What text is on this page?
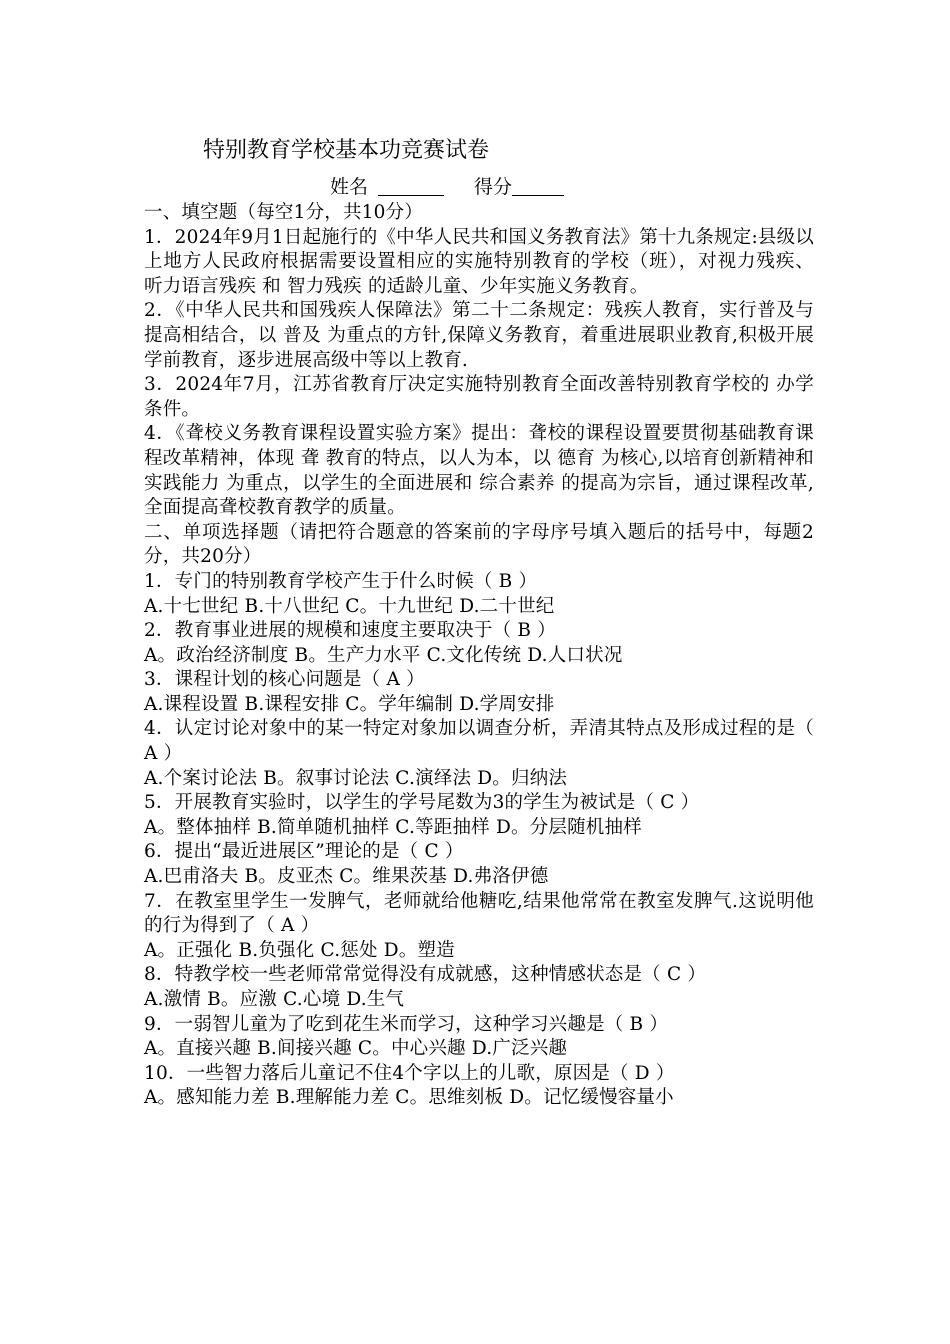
特别教育学校基本功竞赛试卷
姓名	得分

一、填空题（每空1分，共10分）

1．2024年9月1日起施行的《中华人民共和国义务教育法》第十九条规定:县级以上地方人民政府根据需要设置相应的实施特别教育的学校（班），对视力残疾、 听力语言残疾 和 智力残疾 的适龄儿童、少年实施义务教育。

2．《中华人民共和国残疾人保障法》第二十二条规定：残疾人教育，实行普及与提高相结合，以 普及 为重点的方针,保障义务教育，着重进展职业教育,积极开展学前教育，逐步进展高级中等以上教育.

3．2024年7月，江苏省教育厅决定实施特别教育全面改善特别教育学校的 办学 条件。

4．《聋校义务教育课程设置实验方案》提出：聋校的课程设置要贯彻基础教育课程改革精神，体现 聋 教育的特点，以人为本，以 德育 为核心,以培育创新精神和 实践能力 为重点，以学生的全面进展和 综合素养 的提高为宗旨，通过课程改革,全面提高聋校教育教学的质量。

二、单项选择题（请把符合题意的答案前的字母序号填入题后的括号中，每题2分，共20分）

1．专门的特别教育学校产生于什么时候（ B ）

A.十七世纪 B.十八世纪 C。十九世纪 D.二十世纪

2．教育事业进展的规模和速度主要取决于（ B ）

A。政治经济制度 B。生产力水平 C.文化传统 D.人口状况

3．课程计划的核心问题是（ A ）

A.课程设置 B.课程安排 C。学年编制 D.学周安排

4．认定讨论对象中的某一特定对象加以调查分析，弄清其特点及形成过程的是（ A ）

A.个案讨论法 B。叙事讨论法 C.演绎法 D。归纳法

5．开展教育实验时，以学生的学号尾数为3的学生为被试是（ C ）

A。整体抽样 B.简单随机抽样 C.等距抽样 D。分层随机抽样

6．提出“最近进展区”理论的是（ C ）

A.巴甫洛夫 B。皮亚杰 C。维果茨基 D.弗洛伊德

7．在教室里学生一发脾气，老师就给他糖吃,结果他常常在教室发脾气.这说明他的行为得到了（ A ）

A。正强化 B.负强化 C.惩处 D。塑造

8．特教学校一些老师常常觉得没有成就感，这种情感状态是（ C ）

A.激情 B。应激 C.心境 D.生气

9．一弱智儿童为了吃到花生米而学习，这种学习兴趣是（ B ）

A。直接兴趣 B.间接兴趣 C。中心兴趣 D.广泛兴趣

10．一些智力落后儿童记不住4个字以上的儿歌，原因是（ D ）

A。感知能力差 B.理解能力差 C。思维刻板 D。记忆缓慢容量小
